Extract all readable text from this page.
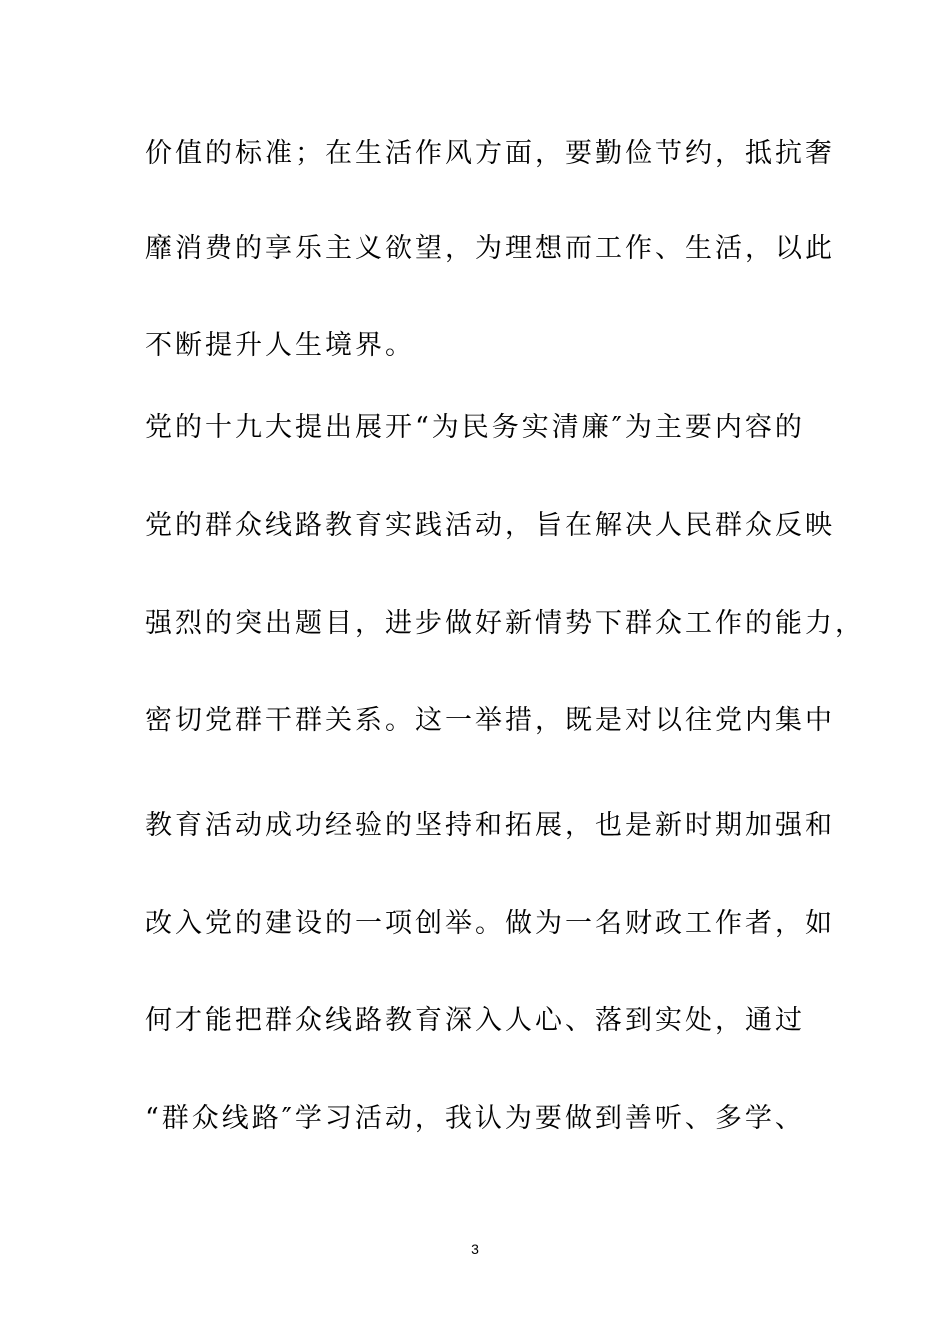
价值的标准；在生活作风方面，要勤俭节约，抵抗奢
靡消费的享乐主义欲望，为理想而工作、生活，以此
不断提升人生境界。
党的十九大提出展开“为民务实清廉″为主要内容的
党的群众线路教育实践活动，旨在解决人民群众反映
强烈的突出题目，进步做好新情势下群众工作的能力，
密切党群干群关系。这一举措，既是对以往党内集中
教育活动成功经验的坚持和拓展，也是新时期加强和
改入党的建设的一项创举。做为一名财政工作者，如
何才能把群众线路教育深入人心、落到实处，通过
“群众线路″学习活动，我认为要做到善听、多学、
3
